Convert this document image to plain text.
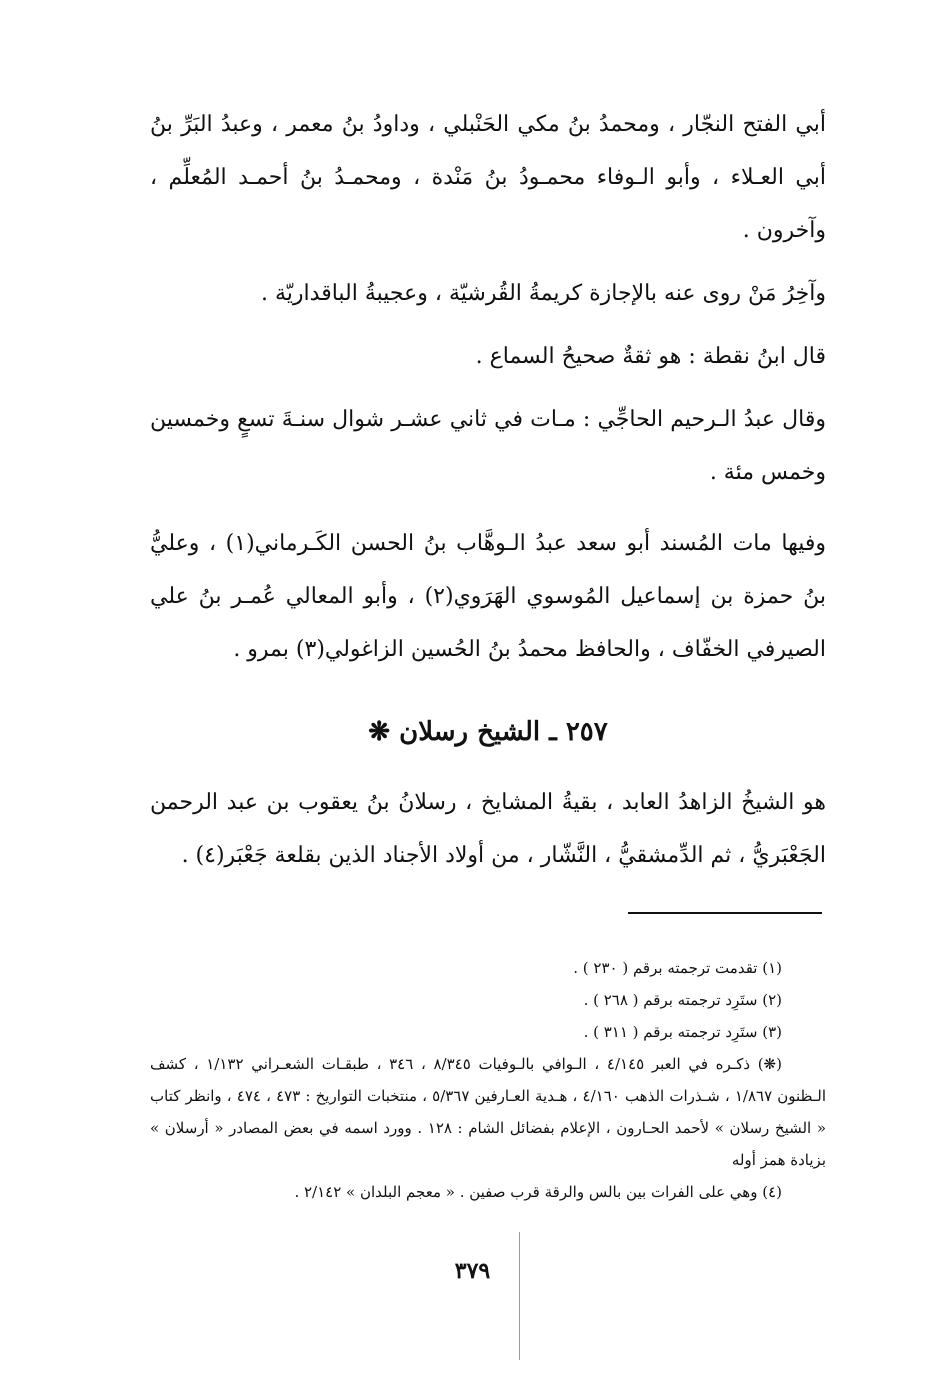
أبي الفتح النجّار ، ومحمدُ بنُ مكي الحَنْبلي ، وداودُ بنُ معمر ، وعبدُ البَرِّ بنُ أبي العـلاء ، وأبو الـوفاء محمـودُ بنُ مَنْدة ، ومحمـدُ بنُ أحمـد المُعلِّم ، وآخرون .

وآخِرُ مَنْ روى عنه بالإجازة كريمةُ القُرشيّة ، وعجيبةُ الباقداريّة .

قال ابنُ نقطة : هو ثقةٌ صحيحُ السماع .

وقال عبدُ الـرحيم الحاجِّي : مـات في ثاني عشـر شوال سنـةَ تسعٍ وخمسين وخمس مئة .

وفيها مات المُسند أبو سعد عبدُ الـوهَّاب بنُ الحسن الكَـرماني(١) ، وعليُّ بنُ حمزة بن إسماعيل المُوسوي الهَرَوي(٢) ، وأبو المعالي عُمـر بنُ علي الصيرفي الخفّاف ، والحافظ محمدُ بنُ الحُسين الزاغولي(٣) بمرو .

٢٥٧ ـ الشيخ رسلان ❋

هو الشيخُ الزاهدُ العابد ، بقيةُ المشايخ ، رسلانُ بنُ يعقوب بن عبد الرحمن الجَعْبَريُّ ، ثم الدِّمشقيُّ ، النَّشّار ، من أولاد الأجناد الذين بقلعة جَعْبَر(٤) .

(١) تقدمت ترجمته برقم ( ٢٣٠ ) .

(٢) ستَرِد ترجمته برقم ( ٢٦٨ ) .

(٣) ستَرِد ترجمته برقم ( ٣١١ ) .

(❋) ذكـره في العبر ٤/١٤٥ ، الـوافي بالـوفيات ٨/٣٤٥ ، ٣٤٦ ، طبقـات الشعـراني ١/١٣٢ ، كشف الـظنون ١/٨٦٧ ، شـذرات الذهب ٤/١٦٠ ، هـدية العـارفين ٥/٣٦٧ ، منتخبات التواريخ : ٤٧٣ ، ٤٧٤ ، وانظر كتاب « الشيخ رسلان » لأحمد الحـارون ، الإعلام بفضائل الشام : ١٢٨ . وورد اسمه في بعض المصادر « أرسلان » بزيادة همز أوله

(٤) وهي على الفرات بين بالس والرقة قرب صفين . « معجم البلدان » ٢/١٤٢ .

٣٧٩
